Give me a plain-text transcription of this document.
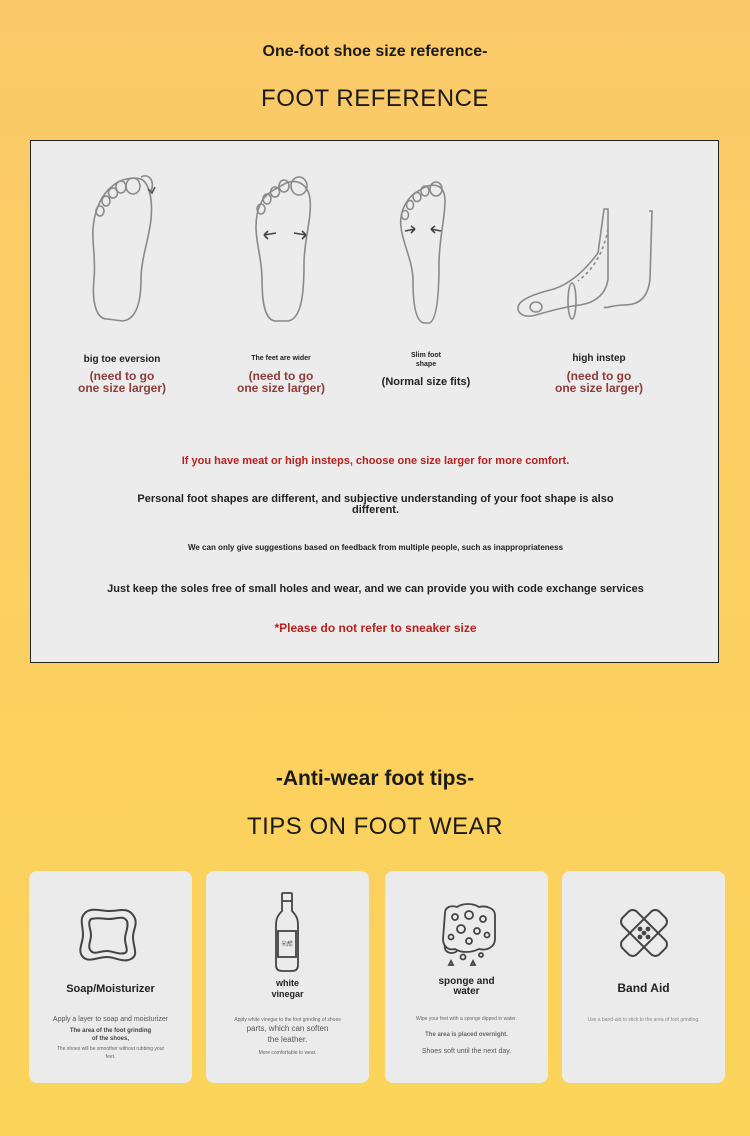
One-foot shoe size reference-
FOOT REFERENCE
big toe eversion
(need to go
one size larger)
The feet are wider
(need to go
one size larger)
Slim foot
shape
(Normal size fits)
high instep
(need to go
one size larger)
If you have meat or high insteps, choose one size larger for more comfort.
Personal foot shapes are different, and subjective understanding of your foot shape is also
different.
We can only give suggestions based on feedback from multiple people, such as inappropriateness
Just keep the soles free of small holes and wear, and we can provide you with code exchange services
*Please do not refer to sneaker size
-Anti-wear foot tips-
TIPS ON FOOT WEAR
Soap/Moisturizer
Apply a layer to soap and moisturizer
The area of the foot grinding
of the shoes,
The shoes will be smoother without rubbing your
feet.
米醋
white
vinegar
Apply white vinegar to the foot grinding of shoes
parts, which can soften
the leather.
More comfortable to wear.
sponge and
water
Wipe your feet with a sponge dipped in water.
The area is placed overnight.
Shoes soft until the next day.
Band Aid
Use a band-aid to stick to the area of foot grinding.
